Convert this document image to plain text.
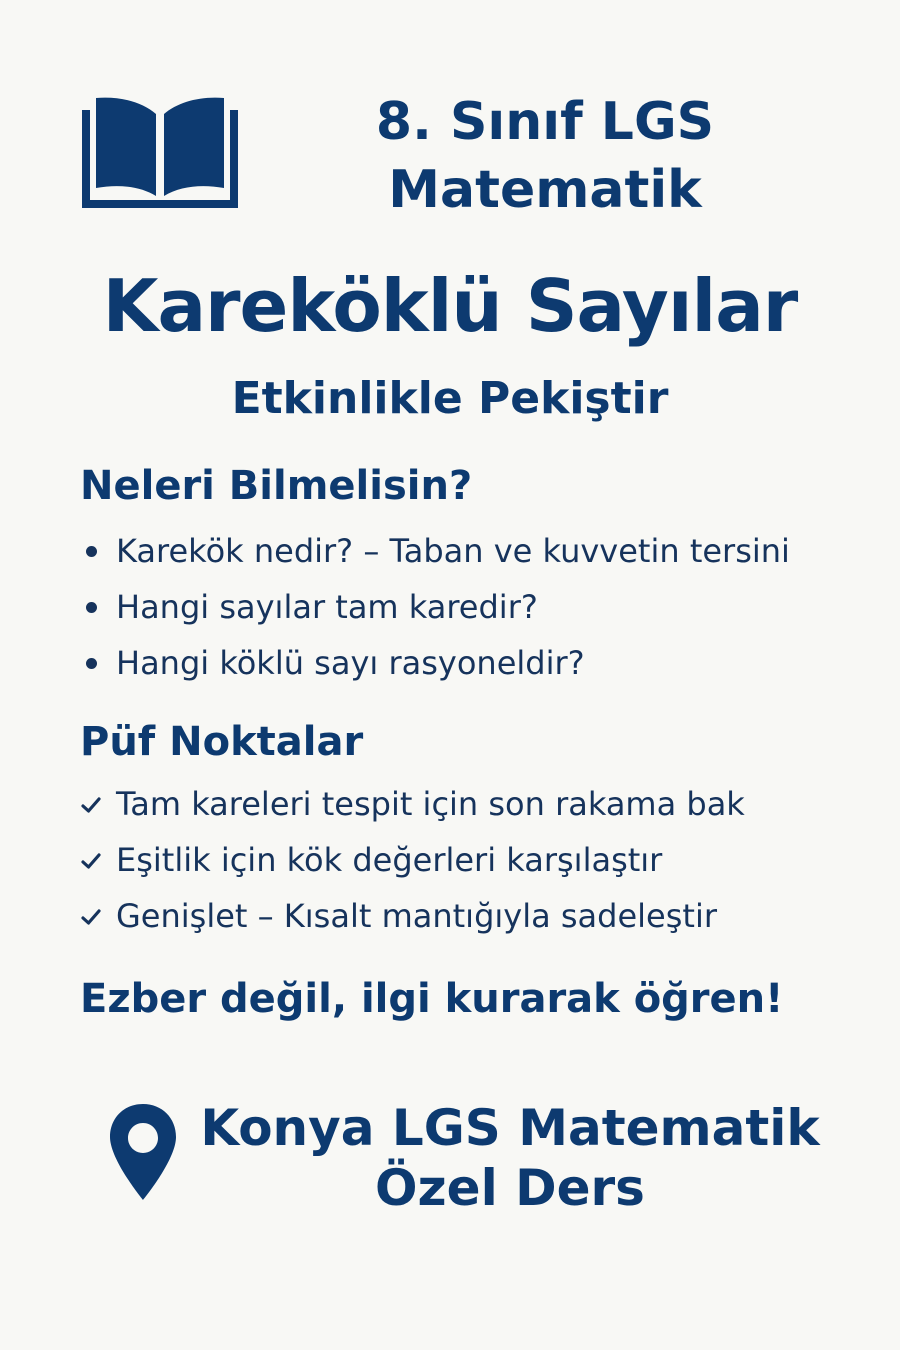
8. Sınıf LGS
Matematik
Kareköklü Sayılar
Etkinlikle Pekiştir
Neleri Bilmelisin?
Karekök nedir? – Taban ve kuvvetin tersini
Hangi sayılar tam karedir?
Hangi köklü sayı rasyoneldir?
Püf Noktalar
Tam kareleri tespit için son rakama bak
Eşitlik için kök değerleri karşılaştır
Genişlet – Kısalt mantığıyla sadeleştir
Ezber değil, ilgi kurarak öğren!
Konya LGS Matematik
Özel Ders
